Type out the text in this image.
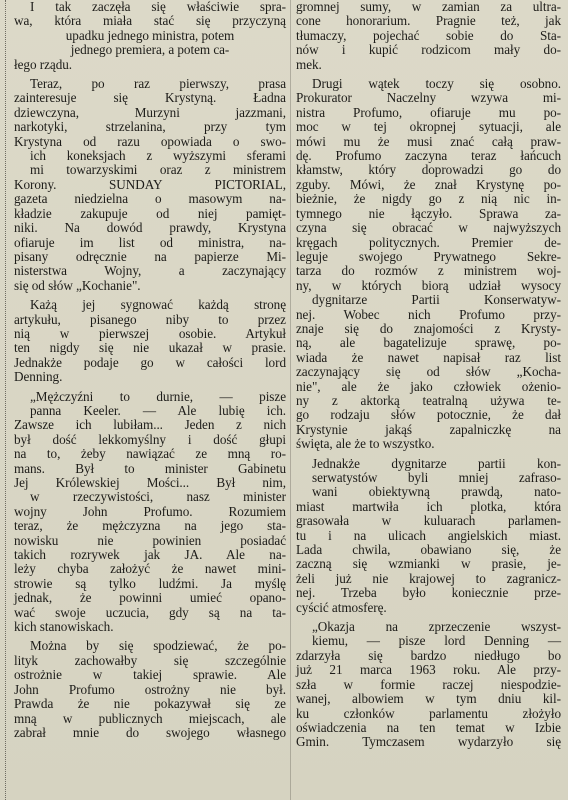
I tak zaczęła się właściwie spra-
wa, która miała stać się przyczyną
upadku jednego ministra, potem
jednego premiera, a potem ca-
łego rządu.
Teraz, po raz pierwszy, prasa
zainteresuje się Krystyną. Ładna
dziewczyna, Murzyni jazzmani,
narkotyki, strzelanina, przy tym
Krystyna od razu opowiada o swo-
ich koneksjach z wyższymi sferami
mi towarzyskimi oraz z ministrem
Korony. SUNDAY PICTORIAL,
gazeta niedzielna o masowym na-
kładzie zakupuje od niej pamięt-
niki. Na dowód prawdy, Krystyna
ofiaruje im list od ministra, na-
pisany odręcznie na papierze Mi-
nisterstwa Wojny, a zaczynający
się od słów „Kochanie".
Każą jej sygnować każdą stronę
artykułu, pisanego niby to przez
nią w pierwszej osobie. Artykuł
ten nigdy się nie ukazał w prasie.
Jednakże podaje go w całości lord
Denning.
„Mężczyźni to durnie, — pisze
panna Keeler. — Ale lubię ich.
Zawsze ich lubiłam... Jeden z nich
był dość lekkomyślny i dość głupi
na to, żeby nawiązać ze mną ro-
mans. Był to minister Gabinetu
Jej Królewskiej Mości... Był nim,
w rzeczywistości, nasz minister
wojny John Profumo. Rozumiem
teraz, że mężczyzna na jego sta-
nowisku nie powinien posiadać
takich rozrywek jak JA. Ale na-
leży chyba założyć że nawet mini-
strowie są tylko ludźmi. Ja myślę
jednak, że powinni umieć opano-
wać swoje uczucia, gdy są na ta-
kich stanowiskach.
Można by się spodziewać, że po-
lityk zachowałby się szczególnie
ostrożnie w takiej sprawie. Ale
John Profumo ostrożny nie był.
Prawda że nie pokazywał się ze
mną w publicznych miejscach, ale
zabrał mnie do swojego własnego
gromnej sumy, w zamian za ultra-
cone honorarium. Pragnie też, jak
tłumaczy, pojechać sobie do Sta-
nów i kupić rodzicom mały do-
mek.
Drugi wątek toczy się osobno.
Prokurator Naczelny wzywa mi-
nistra Profumo, ofiaruje mu po-
moc w tej okropnej sytuacji, ale
mówi mu że musi znać całą praw-
dę. Profumo zaczyna teraz łańcuch
kłamstw, który doprowadzi go do
zguby. Mówi, że znał Krystynę po-
bieżnie, że nigdy go z nią nic in-
tymnego nie łączyło. Sprawa za-
czyna się obracać w najwyższych
kręgach politycznych. Premier de-
leguje swojego Prywatnego Sekre-
tarza do rozmów z ministrem woj-
ny, w których biorą udział wysocy
dygnitarze Partii Konserwatyw-
nej. Wobec nich Profumo przy-
znaje się do znajomości z Krysty-
ną, ale bagatelizuje sprawę, po-
wiada że nawet napisał raz list
zaczynający się od słów „Kocha-
nie", ale że jako człowiek ożenio-
ny z aktorką teatralną używa te-
go rodzaju słów potocznie, że dał
Krystynie jakąś zapalniczkę na
święta, ale że to wszystko.
Jednakże dygnitarze partii kon-
serwatystów byli mniej zafraso-
wani obiektywną prawdą, nato-
miast martwiła ich plotka, która
grasowała w kuluarach parlamen-
tu i na ulicach angielskich miast.
Lada chwila, obawiano się, że
zaczną się wzmianki w prasie, je-
żeli już nie krajowej to zagranicz-
nej. Trzeba było koniecznie prze-
cyścić atmosferę.
„Okazja na zprzeczenie wszyst-
kiemu, — pisze lord Denning —
zdarzyła się bardzo niedługo bo
już 21 marca 1963 roku. Ale przy-
szła w formie raczej niespodzie-
wanej, albowiem w tym dniu kil-
ku członków parlamentu złożyło
oświadczenia na ten temat w Izbie
Gmin. Tymczasem wydarzyło się
